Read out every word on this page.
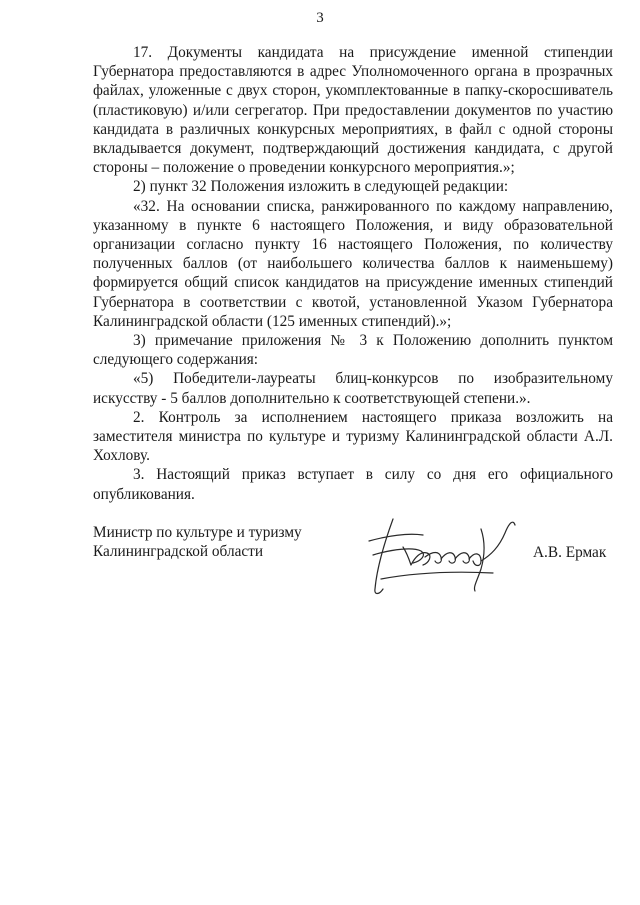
3

17. Документы кандидата на присуждение именной стипендии Губернатора предоставляются в адрес Уполномоченного органа в прозрачных файлах, уложенные с двух сторон, укомплектованные в папку-скоросшиватель (пластиковую) и/или сегрегатор. При предоставлении документов по участию кандидата в различных конкурсных мероприятиях, в файл с одной стороны вкладывается документ, подтверждающий достижения кандидата, с другой стороны – положение о проведении конкурсного мероприятия.»;

2) пункт 32 Положения изложить в следующей редакции:

«32. На основании списка, ранжированного по каждому направлению, указанному в пункте 6 настоящего Положения, и виду образовательной организации согласно пункту 16 настоящего Положения, по количеству полученных баллов (от наибольшего количества баллов к наименьшему) формируется общий список кандидатов на присуждение именных стипендий Губернатора в соответствии с квотой, установленной Указом Губернатора Калининградской области (125 именных стипендий).»;

3) примечание приложения № 3 к Положению дополнить пунктом следующего содержания:

«5) Победители-лауреаты блиц-конкурсов по изобразительному искусству - 5 баллов дополнительно к соответствующей степени.».

2. Контроль за исполнением настоящего приказа возложить на заместителя министра по культуре и туризму Калининградской области А.Л. Хохлову.

3. Настоящий приказ вступает в силу со дня его официального опубликования.

Министр по культуре и туризму
Калининградской области	А.В. Ермак
